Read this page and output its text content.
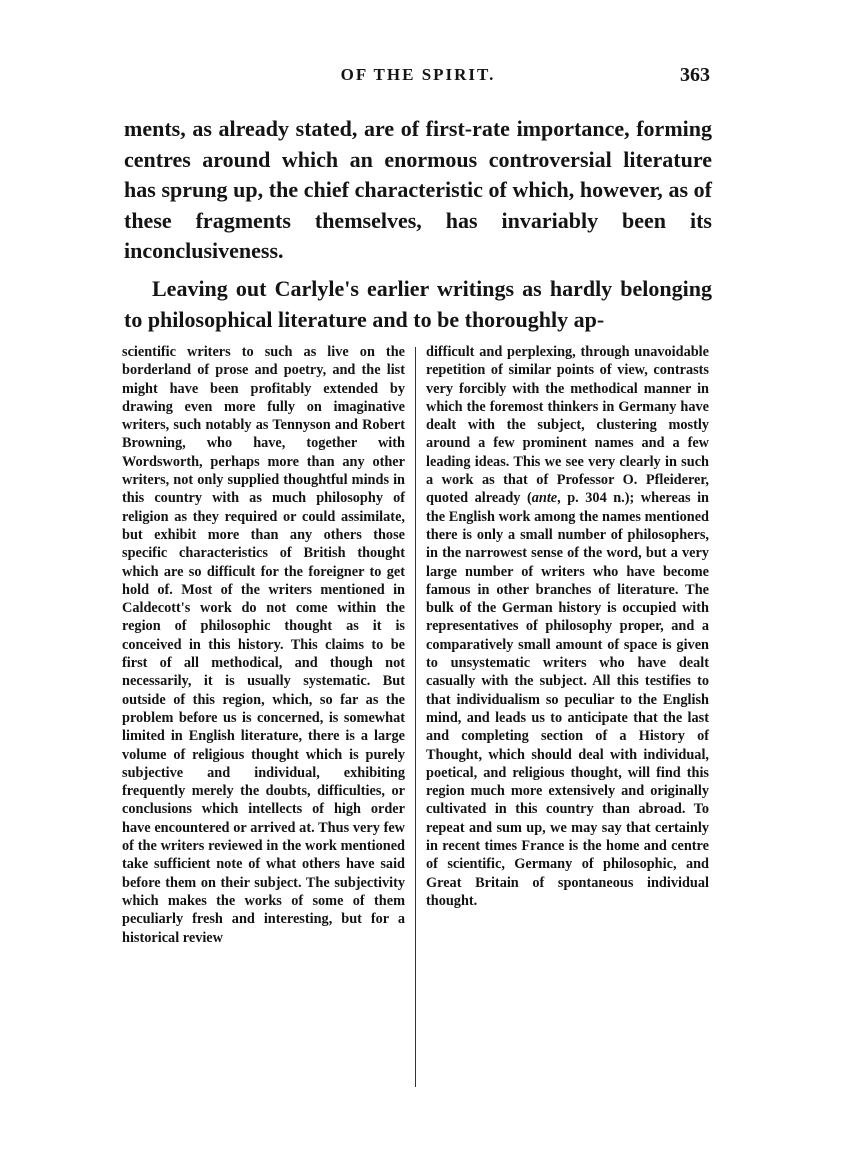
OF THE SPIRIT.	363

ments, as already stated, are of first-rate importance, forming centres around which an enormous controversial literature has sprung up, the chief characteristic of which, however, as of these fragments themselves, has invariably been its inconclusiveness.

Leaving out Carlyle's earlier writings as hardly belonging to philosophical literature and to be thoroughly ap-

scientific writers to such as live on the borderland of prose and poetry, and the list might have been profitably extended by drawing even more fully on imaginative writers, such notably as Tennyson and Robert Browning, who have, together with Wordsworth, perhaps more than any other writers, not only supplied thoughtful minds in this country with as much philosophy of religion as they required or could assimilate, but exhibit more than any others those specific characteristics of British thought which are so difficult for the foreigner to get hold of. Most of the writers mentioned in Caldecott's work do not come within the region of philosophic thought as it is conceived in this history. This claims to be first of all methodical, and though not necessarily, it is usually systematic. But outside of this region, which, so far as the problem before us is concerned, is somewhat limited in English literature, there is a large volume of religious thought which is purely subjective and individual, exhibiting frequently merely the doubts, difficulties, or conclusions which intellects of high order have encountered or arrived at. Thus very few of the writers reviewed in the work mentioned take sufficient note of what others have said before them on their subject. The subjectivity which makes the works of some of them peculiarly fresh and interesting, but for a historical review

difficult and perplexing, through unavoidable repetition of similar points of view, contrasts very forcibly with the methodical manner in which the foremost thinkers in Germany have dealt with the subject, clustering mostly around a few prominent names and a few leading ideas. This we see very clearly in such a work as that of Professor O. Pfleiderer, quoted already (ante, p. 304 n.); whereas in the English work among the names mentioned there is only a small number of philosophers, in the narrowest sense of the word, but a very large number of writers who have become famous in other branches of literature. The bulk of the German history is occupied with representatives of philosophy proper, and a comparatively small amount of space is given to unsystematic writers who have dealt casually with the subject. All this testifies to that individualism so peculiar to the English mind, and leads us to anticipate that the last and completing section of a History of Thought, which should deal with individual, poetical, and religious thought, will find this region much more extensively and originally cultivated in this country than abroad. To repeat and sum up, we may say that certainly in recent times France is the home and centre of scientific, Germany of philosophic, and Great Britain of spontaneous individual thought.
